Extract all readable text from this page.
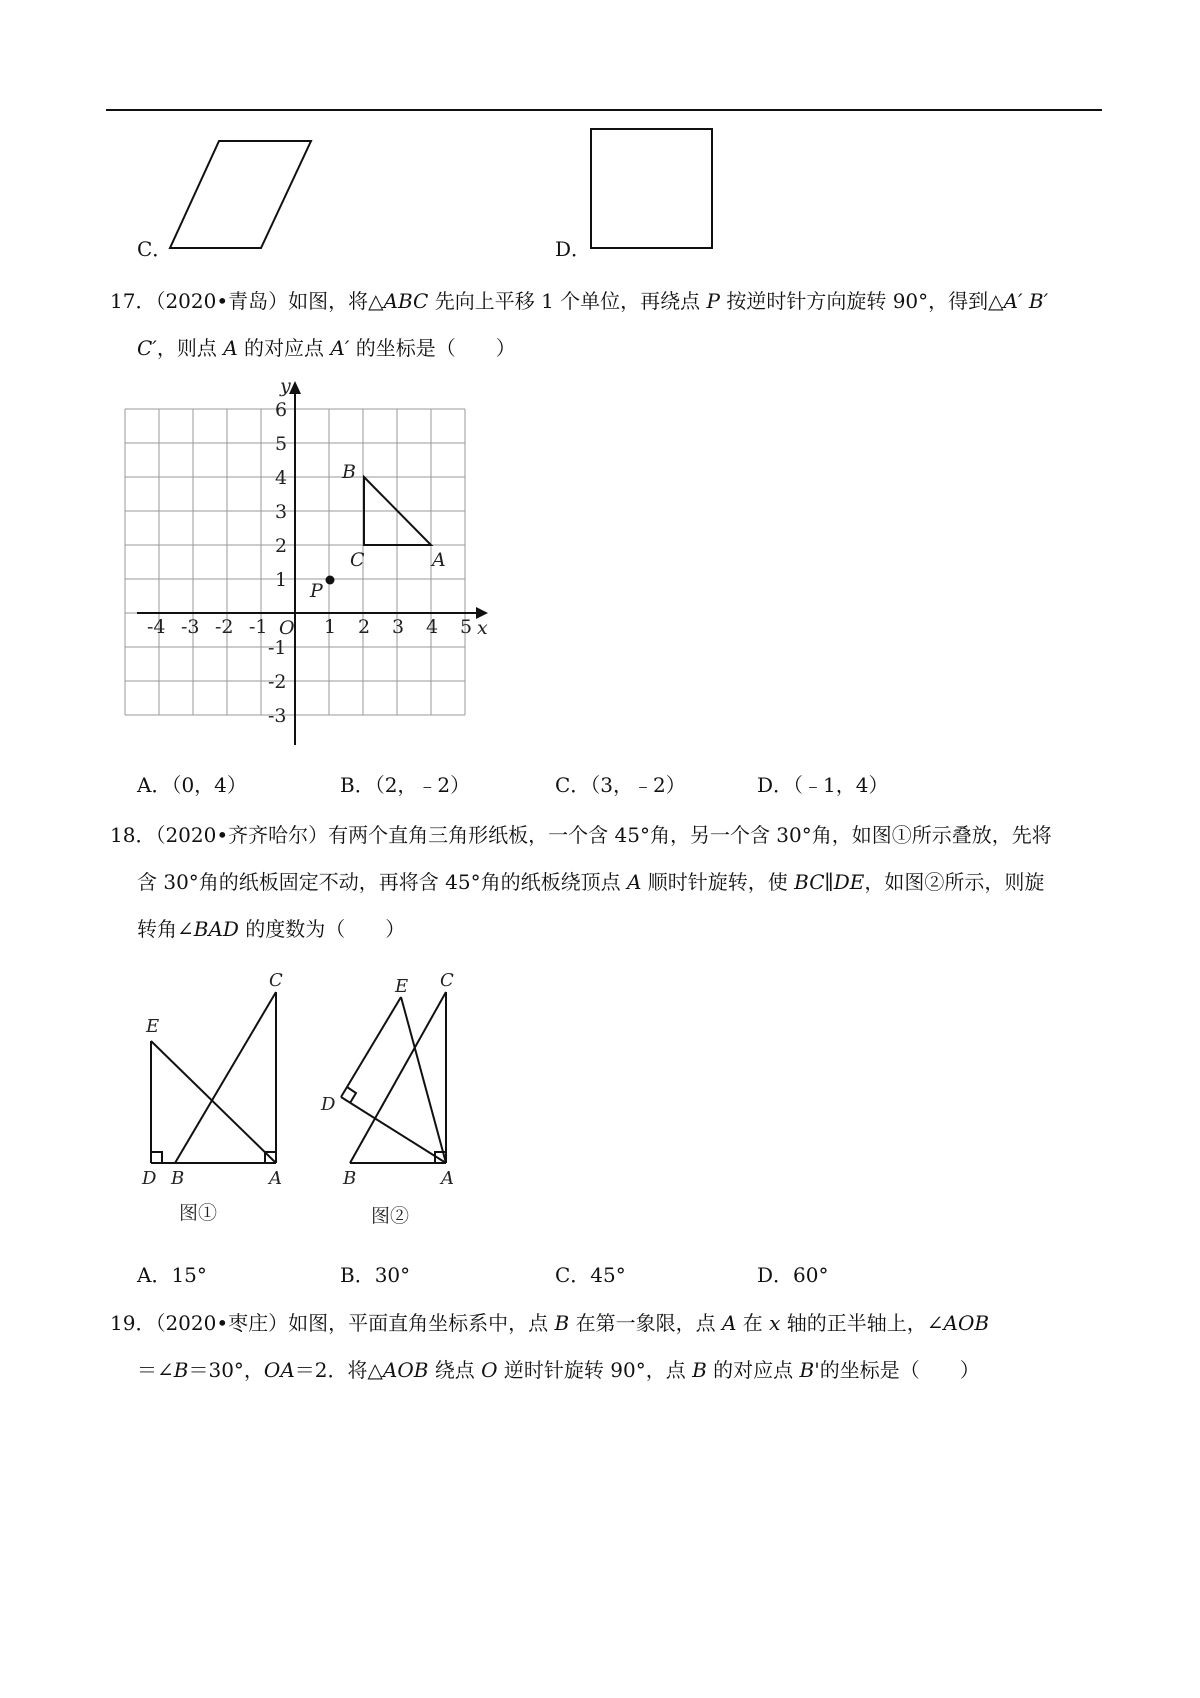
C．	D．
17．（2020•青岛）如图，将△ABC 先向上平移 1 个单位，再绕点 P 按逆时针方向旋转 90°，得到△A′ B′
C′，则点 A 的对应点 A′ 的坐标是（　　）
-4 -3 -2 -1	1 2 3 4 5
6
5
4
3
2
1
-1
-2
-3
x
y
O
B
C	A
P
A．（0，4）	B．（2，﹣2）	C．（3，﹣2）	D．（﹣1，4）
18．（2020•齐齐哈尔）有两个直角三角形纸板，一个含 45°角，另一个含 30°角，如图①所示叠放，先将
含 30°角的纸板固定不动，再将含 45°角的纸板绕顶点 A 顺时针旋转，使 BC∥DE，如图②所示，则旋
转角∠BAD 的度数为（　　）
E
C
D B	A
图①
E C
D
B	A
图②
A．15°	B．30°	C．45°	D．60°
19．（2020•枣庄）如图，平面直角坐标系中，点 B 在第一象限，点 A 在 x 轴的正半轴上，∠AOB
＝∠B＝30°，OA＝2．将△AOB 绕点 O 逆时针旋转 90°，点 B 的对应点 B'的坐标是（　　）
